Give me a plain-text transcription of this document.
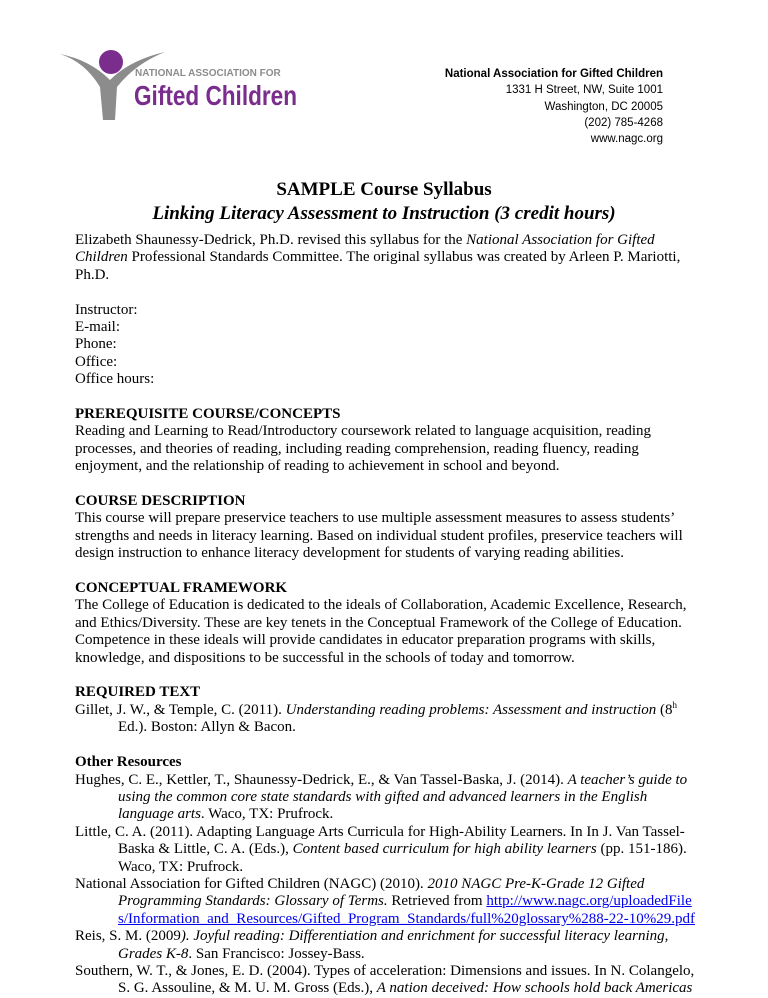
NATIONAL ASSOCIATION FOR
Gifted Children
National Association for Gifted Children
1331 H Street, NW, Suite 1001
Washington, DC 20005
(202) 785-4268
www.nagc.org
SAMPLE Course Syllabus
Linking Literacy Assessment to Instruction (3 credit hours)

Elizabeth Shaunessy-Dedrick, Ph.D. revised this syllabus for the National Association for Gifted Children Professional Standards Committee. The original syllabus was created by Arleen P. Mariotti, Ph.D.

Instructor:
E-mail:
Phone:
Office:
Office hours:

PREREQUISITE COURSE/CONCEPTS
Reading and Learning to Read/Introductory coursework related to language acquisition, reading processes, and theories of reading, including reading comprehension, reading fluency, reading enjoyment, and the relationship of reading to achievement in school and beyond.

COURSE DESCRIPTION
This course will prepare preservice teachers to use multiple assessment measures to assess students’ strengths and needs in literacy learning. Based on individual student profiles, preservice teachers will design instruction to enhance literacy development for students of varying reading abilities.

CONCEPTUAL FRAMEWORK
The College of Education is dedicated to the ideals of Collaboration, Academic Excellence, Research, and Ethics/Diversity. These are key tenets in the Conceptual Framework of the College of Education. Competence in these ideals will provide candidates in educator preparation programs with skills, knowledge, and dispositions to be successful in the schools of today and tomorrow.

REQUIRED TEXT

Gillet, J. W., & Temple, C. (2011). Understanding reading problems: Assessment and instruction (8$^h$ Ed.). Boston: Allyn & Bacon.

Other Resources

Hughes, C. E., Kettler, T., Shaunessy-Dedrick, E., & Van Tassel-Baska, J. (2014). A teacher’s guide to using the common core state standards with gifted and advanced learners in the English language arts. Waco, TX: Prufrock.

Little, C. A. (2011). Adapting Language Arts Curricula for High-Ability Learners. In In J. Van Tassel-Baska & Little, C. A. (Eds.), Content based curriculum for high ability learners (pp. 151-186). Waco, TX: Prufrock.

National Association for Gifted Children (NAGC) (2010). 2010 NAGC Pre-K-Grade 12 Gifted Programming Standards: Glossary of Terms. Retrieved from http://www.nagc.org/uploadedFiles/Information_and_Resources/Gifted_Program_Standards/full%20glossary%288-22-10%29.pdf

Reis, S. M. (2009). Joyful reading: Differentiation and enrichment for successful literacy learning, Grades K-8. San Francisco: Jossey-Bass.

Southern, W. T., & Jones, E. D. (2004). Types of acceleration: Dimensions and issues. In N. Colangelo, S. G. Assouline, & M. U. M. Gross (Eds.), A nation deceived: How schools hold back Americas
